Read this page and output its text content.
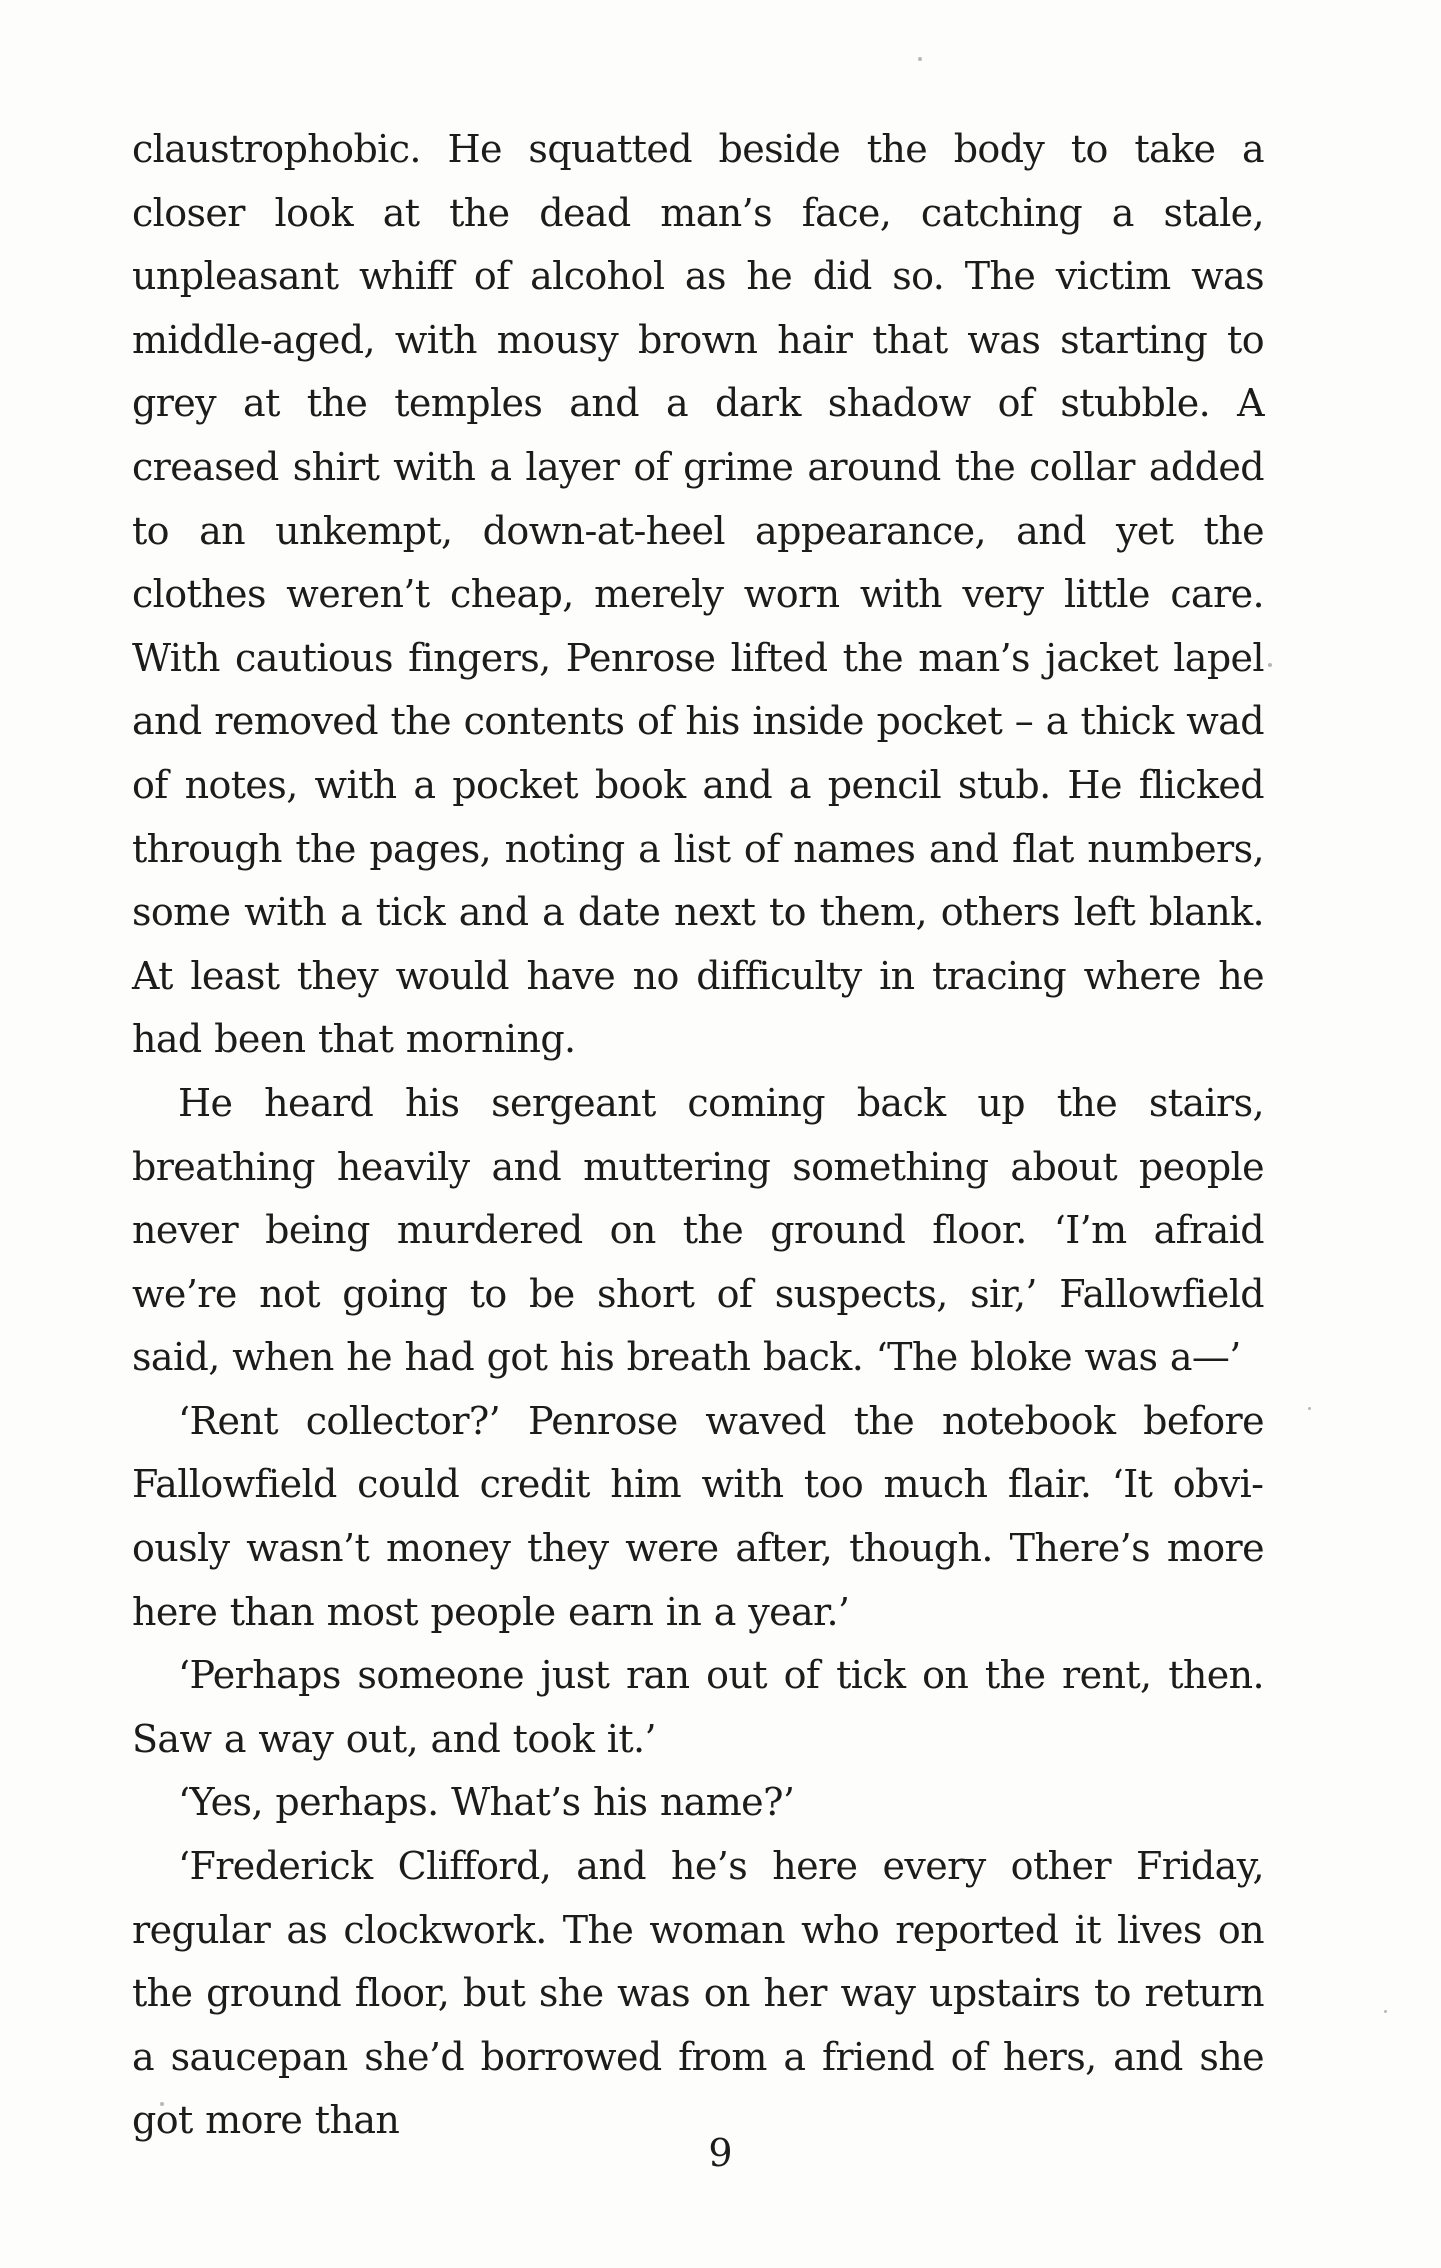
claustrophobic. He squatted beside the body to take a closer look at the dead man’s face, catching a stale, unpleasant whiff of alcohol as he did so. The victim was middle-aged, with mousy brown hair that was starting to grey at the temples and a dark shadow of stubble. A creased shirt with a layer of grime around the collar added to an unkempt, down-at-heel appearance, and yet the clothes weren’t cheap, merely worn with very little care. With cautious fingers, Penrose lifted the man’s jacket lapel and removed the contents of his inside pocket – a thick wad of notes, with a pocket book and a pencil stub. He flicked through the pages, noting a list of names and flat numbers, some with a tick and a date next to them, others left blank. At least they would have no difficulty in tracing where he had been that morning.

He heard his sergeant coming back up the stairs, breathing heavily and muttering something about people never being murdered on the ground floor. ‘I’m afraid we’re not going to be short of suspects, sir,’ Fallowfield said, when he had got his breath back. ‘The bloke was a—’

‘Rent collector?’ Penrose waved the notebook before Fallowfield could credit him with too much flair. ‘It obviously wasn’t money they were after, though. There’s more here than most people earn in a year.’

‘Perhaps someone just ran out of tick on the rent, then. Saw a way out, and took it.’

‘Yes, perhaps. What’s his name?’

‘Frederick Clifford, and he’s here every other Friday, regular as clockwork. The woman who reported it lives on the ground floor, but she was on her way upstairs to return a saucepan she’d borrowed from a friend of hers, and she got more than

9
